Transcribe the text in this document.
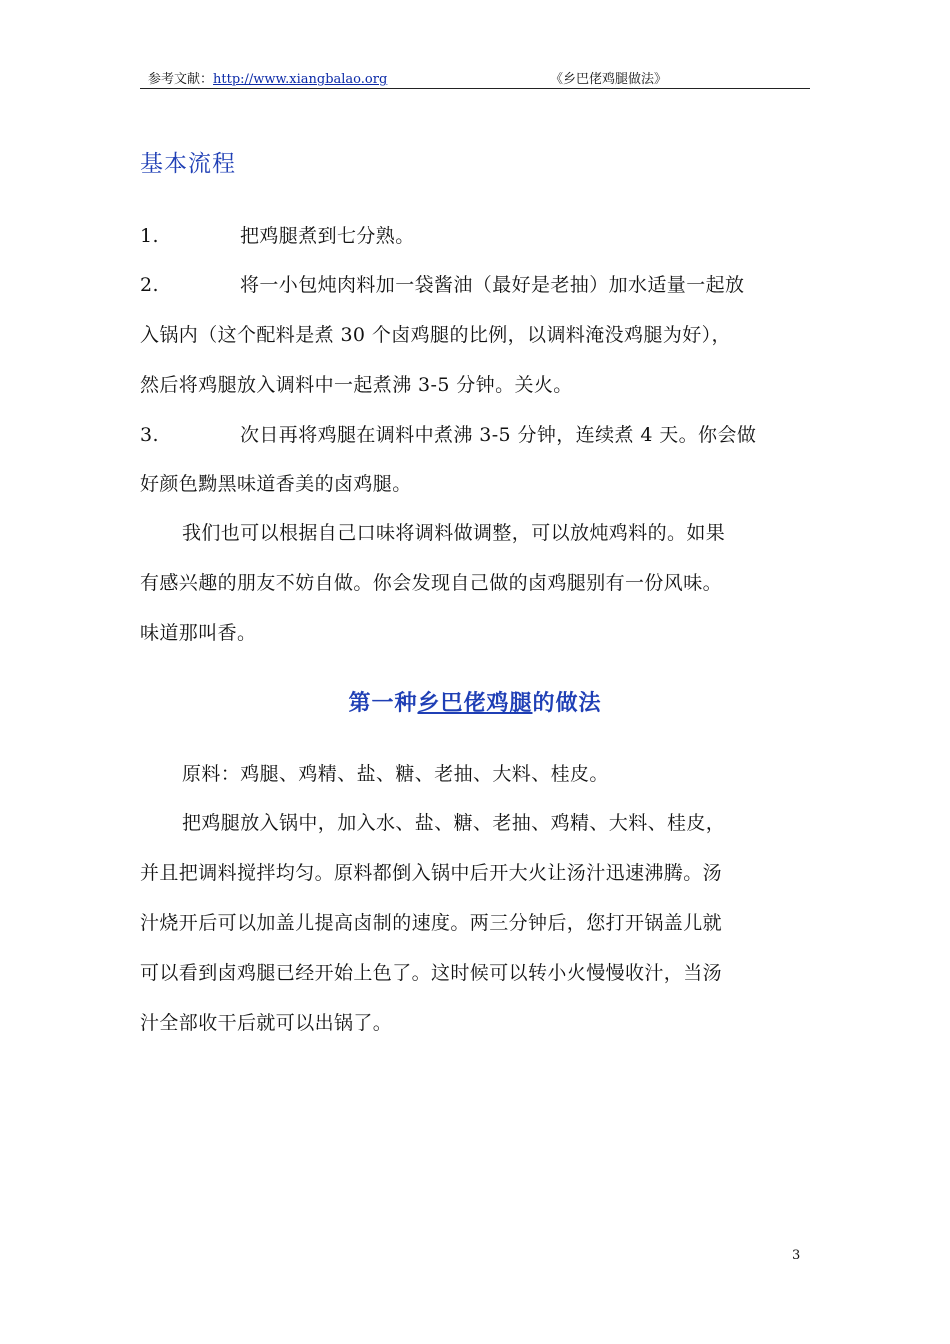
参考文献：http://www.xiangbalao.org	《乡巴佬鸡腿做法》
基本流程
1.	把鸡腿煮到七分熟。
2.	将一小包炖肉料加一袋酱油（最好是老抽）加水适量一起放
入锅内（这个配料是煮 30 个卤鸡腿的比例，以调料淹没鸡腿为好），
然后将鸡腿放入调料中一起煮沸 3-5 分钟。关火。
3.	次日再将鸡腿在调料中煮沸 3-5 分钟，连续煮 4 天。你会做
好颜色黝黑味道香美的卤鸡腿。
我们也可以根据自己口味将调料做调整，可以放炖鸡料的。如果
有感兴趣的朋友不妨自做。你会发现自己做的卤鸡腿别有一份风味。
味道那叫香。
第一种乡巴佬鸡腿的做法
原料：鸡腿、鸡精、盐、糖、老抽、大料、桂皮。
把鸡腿放入锅中，加入水、盐、糖、老抽、鸡精、大料、桂皮，
并且把调料搅拌均匀。原料都倒入锅中后开大火让汤汁迅速沸腾。汤
汁烧开后可以加盖儿提高卤制的速度。两三分钟后，您打开锅盖儿就
可以看到卤鸡腿已经开始上色了。这时候可以转小火慢慢收汁，当汤
汁全部收干后就可以出锅了。
3
